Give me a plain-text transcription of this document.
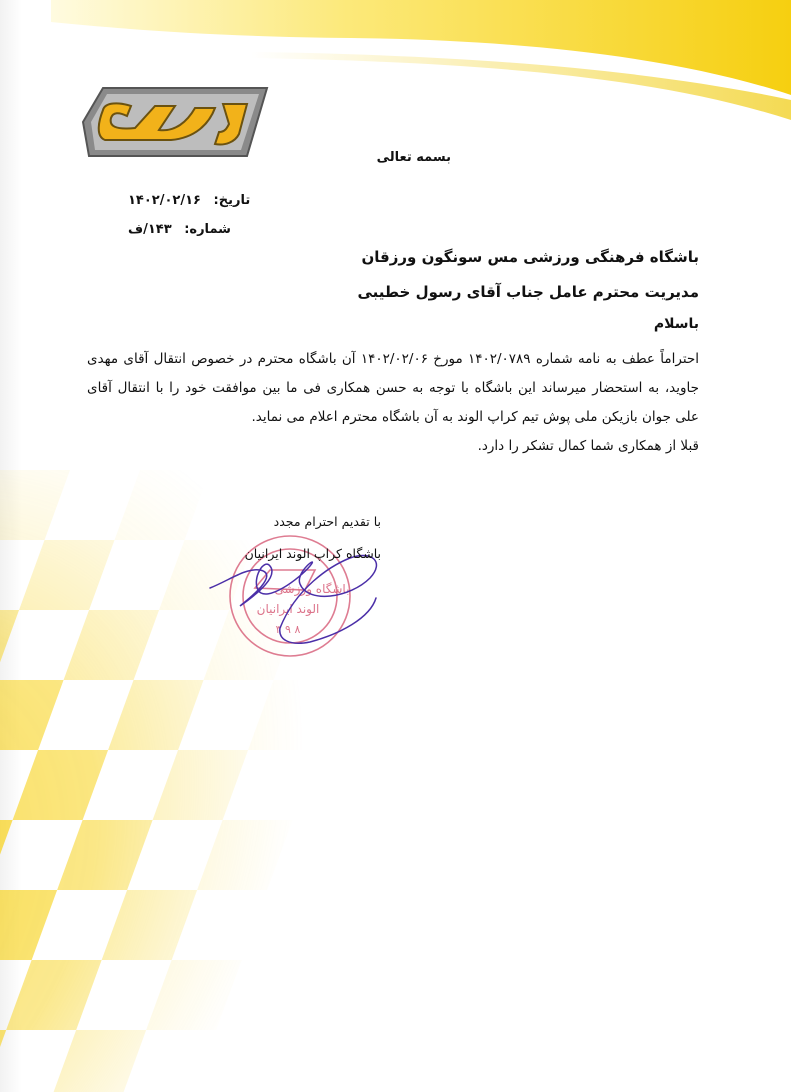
بسمه تعالی
تاریخ: ۱۴۰۲/۰۲/۱۶
شماره: ۱۴۳/ف
باشگاه فرهنگی ورزشی مس سونگون ورزقان
مدیریت محترم عامل جناب آقای رسول خطیبی
باسلام

احتراماً عطف به نامه شماره ۱۴۰۲/۰۷۸۹ مورخ ۱۴۰۲/۰۲/۰۶ آن باشگاه محترم در خصوص انتقال آقای مهدی جاوید، به استحضار میرساند این باشگاه با توجه به حسن همکاری فی ما بین موافقت خود را با انتقال آقای علی جوان بازیکن ملی پوش تیم کراپ الوند به آن باشگاه محترم اعلام می نماید.

قبلا از همکاری شما کمال تشکر را دارد.

باشگاه ورزشی
الوند ایرانیان
۳ ۹ ۸
با تقدیم احترام مجدد
باشگاه کراپ الوند ایرانیان
